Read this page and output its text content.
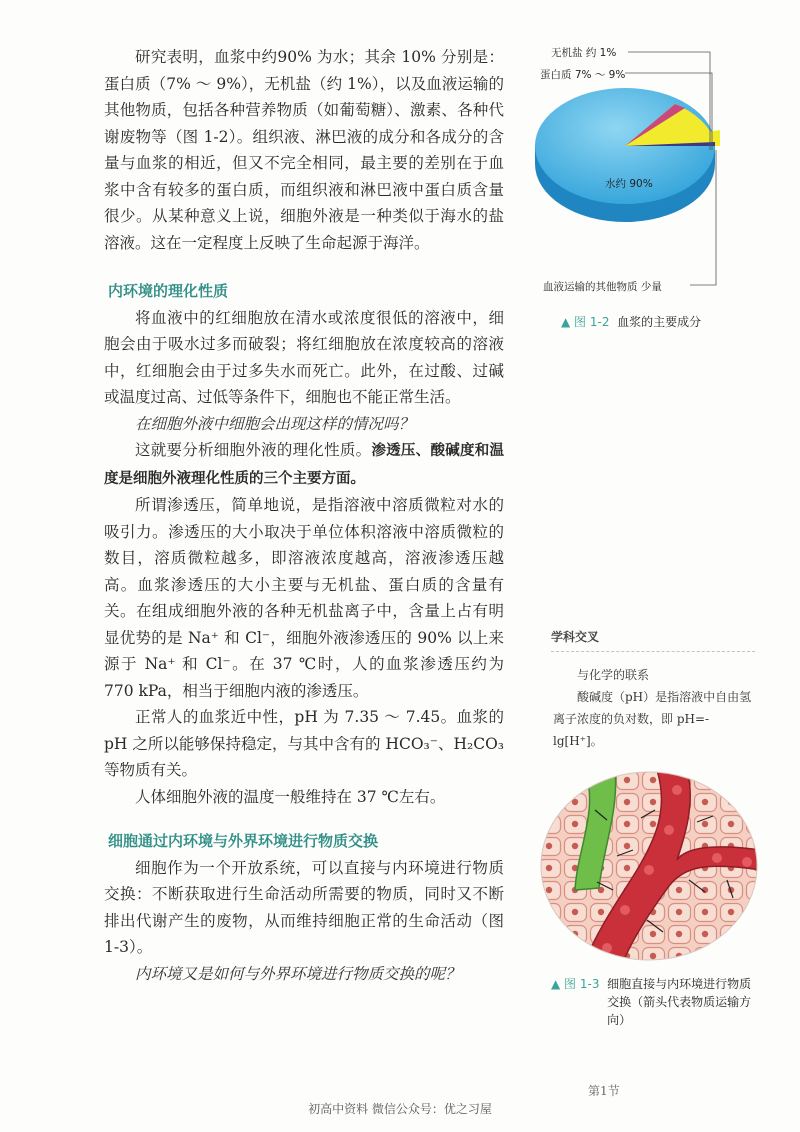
研究表明，血浆中约90% 为水；其余 10% 分别是：蛋白质（7% ～ 9%），无机盐（约 1%），以及血液运输的其他物质，包括各种营养物质（如葡萄糖）、激素、各种代谢废物等（图 1-2）。组织液、淋巴液的成分和各成分的含量与血浆的相近，但又不完全相同，最主要的差别在于血浆中含有较多的蛋白质，而组织液和淋巴液中蛋白质含量很少。从某种意义上说，细胞外液是一种类似于海水的盐溶液。这在一定程度上反映了生命起源于海洋。

内环境的理化性质

将血液中的红细胞放在清水或浓度很低的溶液中，细胞会由于吸水过多而破裂；将红细胞放在浓度较高的溶液中，红细胞会由于过多失水而死亡。此外，在过酸、过碱或温度过高、过低等条件下，细胞也不能正常生活。

在细胞外液中细胞会出现这样的情况吗？

这就要分析细胞外液的理化性质。渗透压、酸碱度和温度是细胞外液理化性质的三个主要方面。

所谓渗透压，简单地说，是指溶液中溶质微粒对水的吸引力。渗透压的大小取决于单位体积溶液中溶质微粒的数目，溶质微粒越多，即溶液浓度越高，溶液渗透压越高。血浆渗透压的大小主要与无机盐、蛋白质的含量有关。在组成细胞外液的各种无机盐离子中，含量上占有明显优势的是 Na⁺ 和 Cl⁻，细胞外液渗透压的 90% 以上来源于 Na⁺ 和 Cl⁻。在 37 ℃时，人的血浆渗透压约为 770 kPa，相当于细胞内液的渗透压。

正常人的血浆近中性，pH 为 7.35 ～ 7.45。血浆的 pH 之所以能够保持稳定，与其中含有的 HCO₃⁻、H₂CO₃ 等物质有关。

人体细胞外液的温度一般维持在 37 ℃左右。

细胞通过内环境与外界环境进行物质交换

细胞作为一个开放系统，可以直接与内环境进行物质交换：不断获取进行生命活动所需要的物质，同时又不断排出代谢产生的废物，从而维持细胞正常的生命活动（图 1-3）。

内环境又是如何与外界环境进行物质交换的呢？

无机盐 约 1%
蛋白质 7% ～ 9%
水约 90%
血液运输的其他物质 少量
▲ 图 1-2 血浆的主要成分
学科交叉
与化学的联系
酸碱度（pH）是指溶液中自由氢离子浓度的负对数，即 pH=-lg[H⁺]。
▲ 图 1-3
细胞直接与内环境进行物质交换（箭头代表物质运输方向）
第1节
初高中资料 微信公众号：优之习屋
